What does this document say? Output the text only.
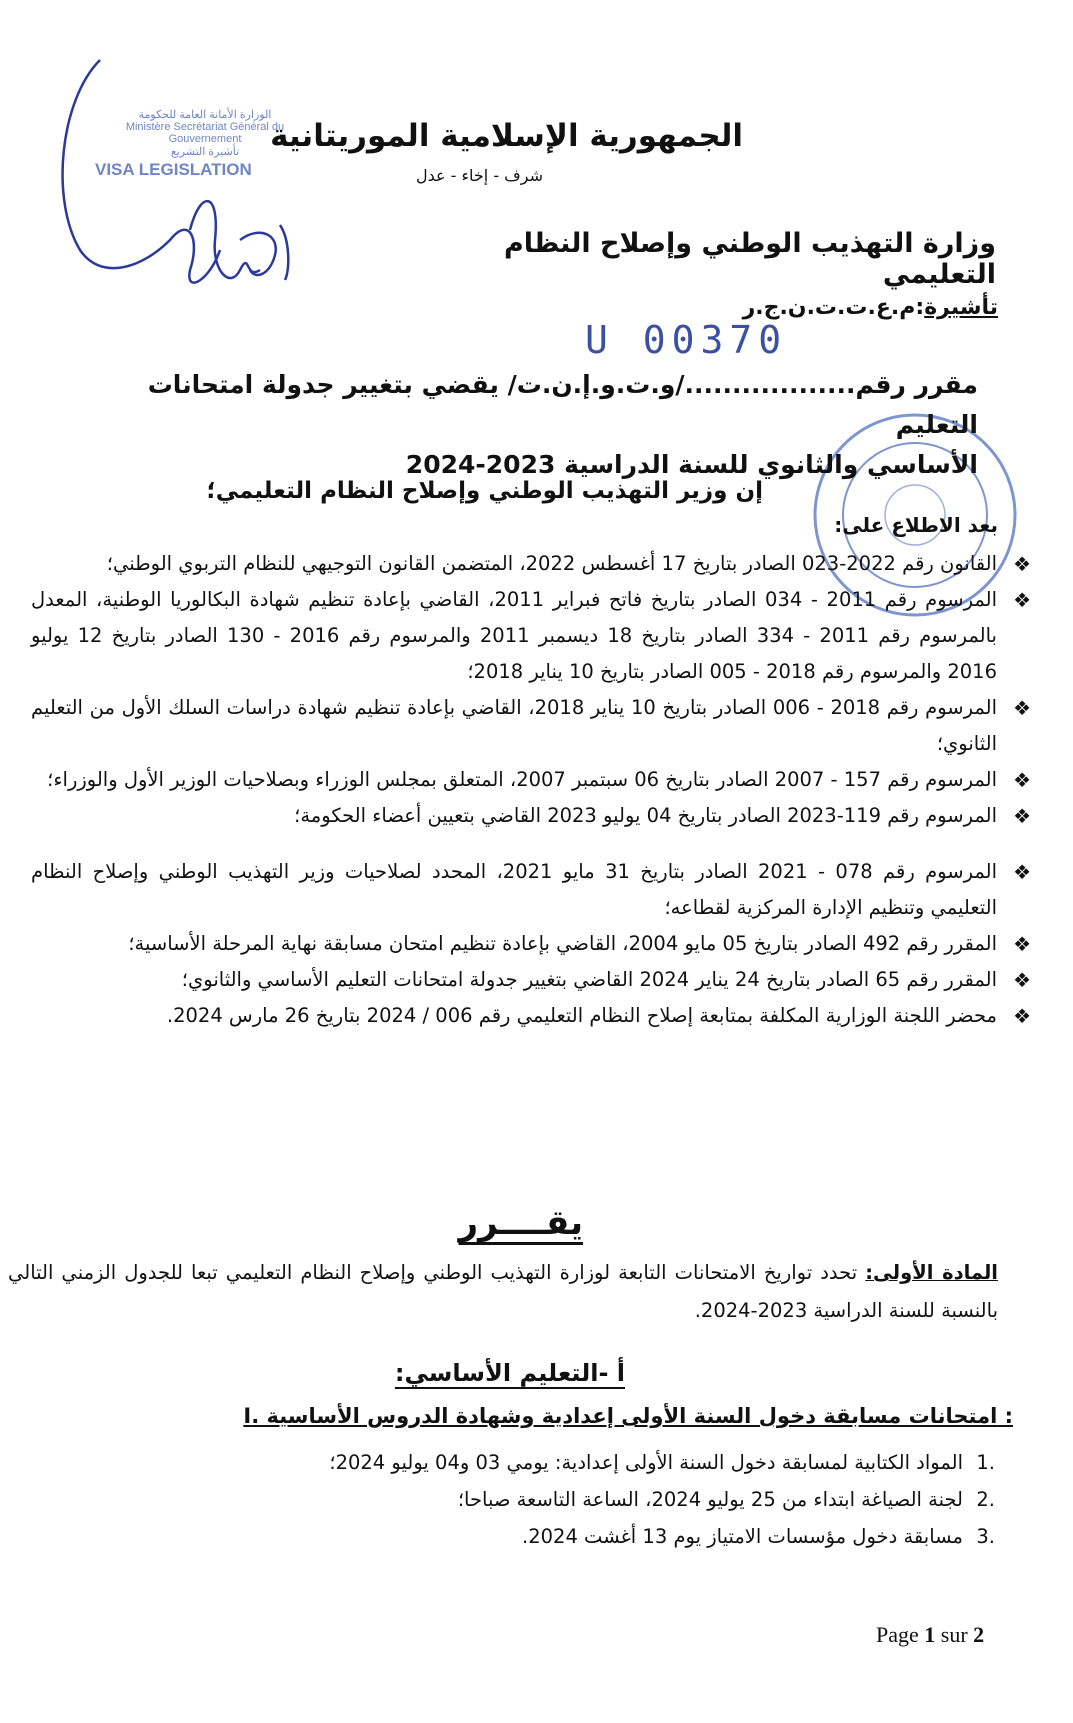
الوزارة الأمانة العامة للحكومة
Ministère Secrétariat Général du Gouvernement
تأشيرة التشريع
VISA LEGISLATION
الجمهورية الإسلامية الموريتانية
شرف - إخاء - عدل
وزارة التهذيب الوطني وإصلاح النظام التعليمي
تأشيرة:م.ع.ت.ت.ن.ج.ر
U 00370
مقرر رقم................../و.ت.و.إ.ن.ت/ يقضي بتغيير جدولة امتحانات التعليم
الأساسي والثانوي للسنة الدراسية 2023-2024
إن وزير التهذيب الوطني وإصلاح النظام التعليمي؛
بعد الاطلاع على:
❖
القانون رقم 2022-023 الصادر بتاريخ 17 أغسطس 2022، المتضمن القانون التوجيهي للنظام التربوي الوطني؛
❖
المرسوم رقم 2011 - 034 الصادر بتاريخ فاتح فبراير 2011، القاضي بإعادة تنظيم شهادة البكالوريا الوطنية، المعدل بالمرسوم رقم 2011 - 334 الصادر بتاريخ 18 ديسمبر 2011 والمرسوم رقم 2016 - 130 الصادر بتاريخ 12 يوليو 2016 والمرسوم رقم 2018 - 005 الصادر بتاريخ 10 يناير 2018؛
❖
المرسوم رقم 2018 - 006 الصادر بتاريخ 10 يناير 2018، القاضي بإعادة تنظيم شهادة دراسات السلك الأول من التعليم الثانوي؛
❖
المرسوم رقم 157 - 2007 الصادر بتاريخ 06 سبتمبر 2007، المتعلق بمجلس الوزراء وبصلاحيات الوزير الأول والوزراء؛
❖
المرسوم رقم 119-2023 الصادر بتاريخ 04 يوليو 2023 القاضي بتعيين أعضاء الحكومة؛
❖
المرسوم رقم 078 - 2021 الصادر بتاريخ 31 مايو 2021، المحدد لصلاحيات وزير التهذيب الوطني وإصلاح النظام التعليمي وتنظيم الإدارة المركزية لقطاعه؛
❖
المقرر رقم 492 الصادر بتاريخ 05 مايو 2004، القاضي بإعادة تنظيم امتحان مسابقة نهاية المرحلة الأساسية؛
❖
المقرر رقم 65 الصادر بتاريخ 24 يناير 2024 القاضي بتغيير جدولة امتحانات التعليم الأساسي والثانوي؛
❖
محضر اللجنة الوزارية المكلفة بمتابعة إصلاح النظام التعليمي رقم 006 / 2024 بتاريخ 26 مارس 2024.
يقــــرر
المادة الأولى: تحدد تواريخ الامتحانات التابعة لوزارة التهذيب الوطني وإصلاح النظام التعليمي تبعا للجدول الزمني التالي بالنسبة للسنة الدراسية 2023-2024.
أ -التعليم الأساسي:
I. امتحانات مسابقة دخول السنة الأولى إعدادية وشهادة الدروس الأساسية :
.1
المواد الكتابية لمسابقة دخول السنة الأولى إعدادية: يومي 03 و04 يوليو 2024؛
.2
لجنة الصياغة ابتداء من 25 يوليو 2024، الساعة التاسعة صباحا؛
.3
مسابقة دخول مؤسسات الامتياز يوم 13 أغشت 2024.
Page 1 sur 2
